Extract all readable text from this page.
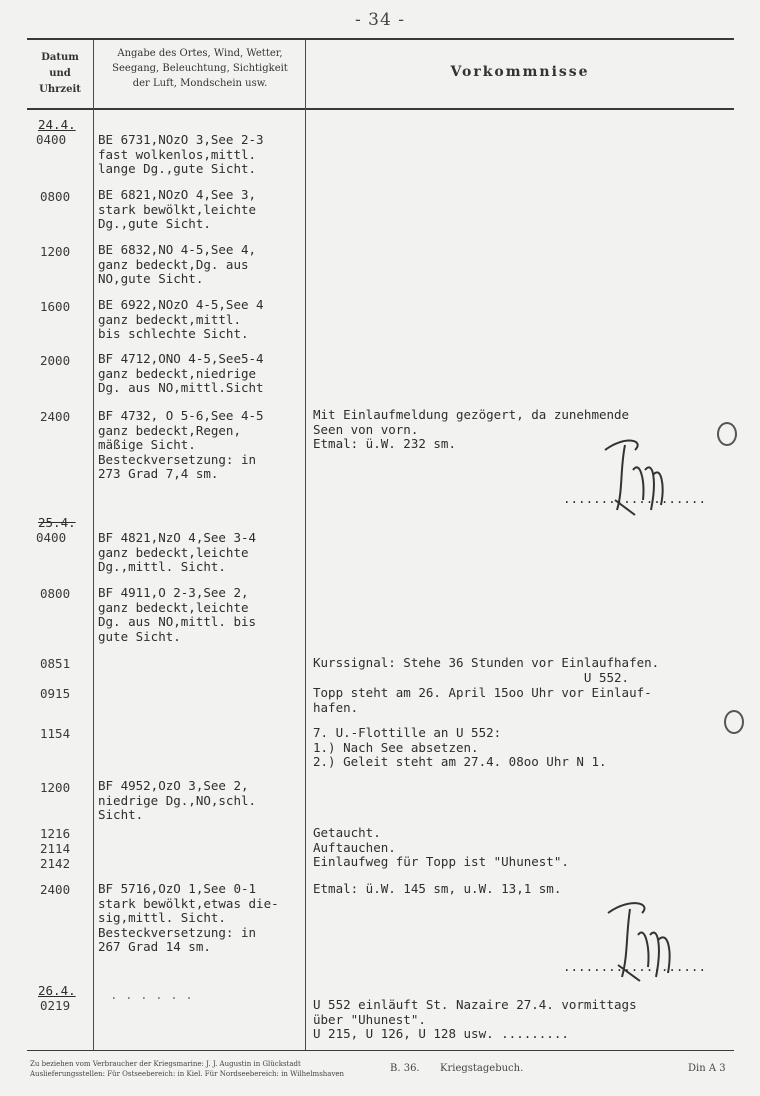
- 34 -
Datum
und
Uhrzeit
Angabe des Ortes, Wind, Wetter,
Seegang, Beleuchtung, Sichtigkeit
der Luft, Mondschein usw.
Vorkommnisse
24.4.
25.4.
26.4.
0400
0800
1200
1600
2000
2400
0400
0800
0851
0915
1154
1200
1216
2114
2142
2400
0219
BE 6731,NOzO 3,See 2-3
fast wolkenlos,mittl.
lange Dg.,gute Sicht.
BE 6821,NOzO 4,See 3,
stark bewölkt,leichte
Dg.,gute Sicht.
BE 6832,NO 4-5,See 4,
ganz bedeckt,Dg. aus
NO,gute Sicht.
BE 6922,NOzO 4-5,See 4
ganz bedeckt,mittl.
bis schlechte Sicht.
BF 4712,ONO 4-5,See5-4
ganz bedeckt,niedrige
Dg. aus NO,mittl.Sicht
BF 4732, O 5-6,See 4-5
ganz bedeckt,Regen,
mäßige Sicht.
Besteckversetzung: in
273 Grad 7,4 sm.
BF 4821,NzO 4,See 3-4
ganz bedeckt,leichte
Dg.,mittl. Sicht.
BF 4911,O 2-3,See 2,
ganz bedeckt,leichte
Dg. aus NO,mittl. bis
gute Sicht.
BF 4952,OzO 3,See 2,
niedrige Dg.,NO,schl.
Sicht.
BF 5716,OzO 1,See 0-1
stark bewölkt,etwas die-
sig,mittl. Sicht.
Besteckversetzung: in
267 Grad 14 sm.
. . . . . .
Mit Einlaufmeldung gezögert, da zunehmende
Seen von vorn.
Etmal: ü.W. 232 sm.
Kurssignal: Stehe 36 Stunden vor Einlaufhafen.
U 552.
Topp steht am 26. April 15oo Uhr vor Einlauf-
hafen.
7. U.-Flottille an U 552:
1.) Nach See absetzen.
2.) Geleit steht am 27.4. 08oo Uhr N 1.
Getaucht.
Auftauchen.
Einlaufweg für Topp ist "Uhunest".
Etmal: ü.W. 145 sm, u.W. 13,1 sm.
U 552 einläuft St. Nazaire 27.4. vormittags
über "Uhunest".
U 215, U 126, U 128 usw. .........
...................
...................
Zu beziehen vom Verbraucher der Kriegsmarine: J. J. Augustin in Glückstadt
Auslieferungsstellen: Für Ostseebereich: in Kiel. Für Nordseebereich: in Wilhelmshaven	B. 36. Kriegstagebuch.	Din A 3
